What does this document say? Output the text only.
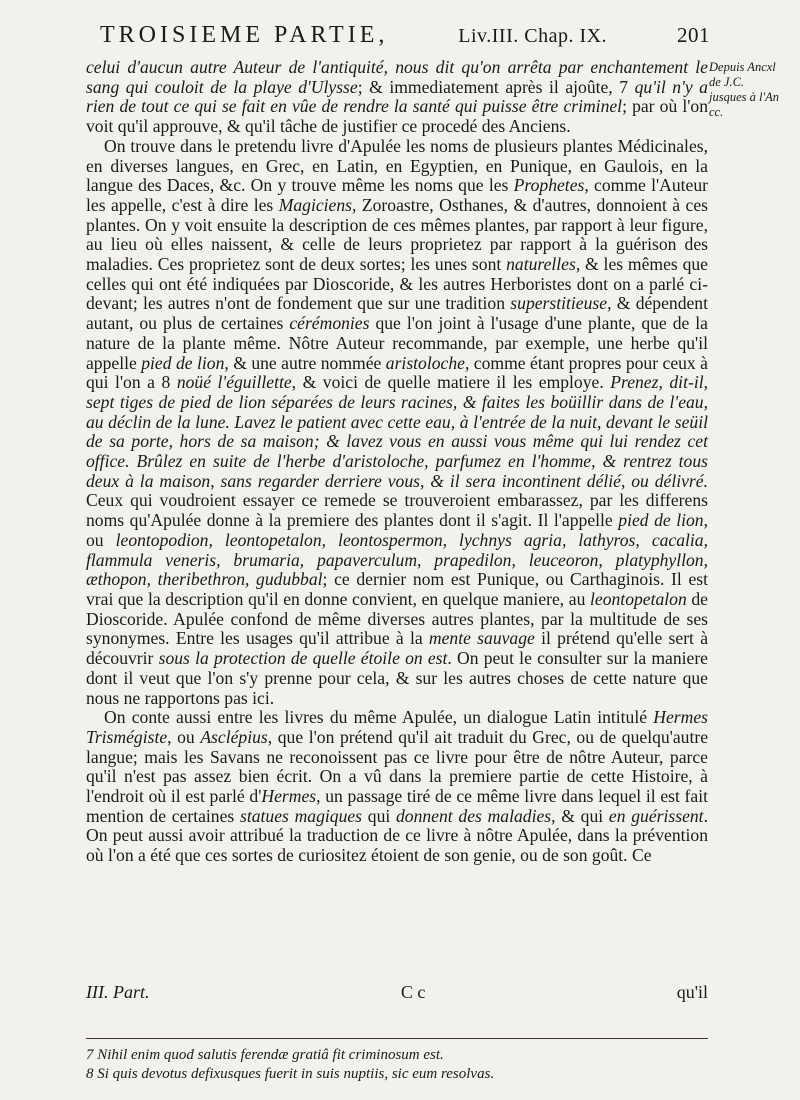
TROISIEME PARTIE,	Liv.III. Chap. IX.	201
Depuis Ancxl de J.C. jusques à l'An cc.

celui d'aucun autre Auteur de l'antiquité, nous dit qu'on arrêta par enchantement le sang qui couloit de la playe d'Ulysse; & immediatement après il ajoûte, 7 qu'il n'y a rien de tout ce qui se fait en vûe de rendre la santé qui puisse être criminel; par où l'on voit qu'il approuve, & qu'il tâche de justifier ce procedé des Anciens.

On trouve dans le pretendu livre d'Apulée les noms de plusieurs plantes Médicinales, en diverses langues, en Grec, en Latin, en Egyptien, en Punique, en Gaulois, en la langue des Daces, &c. On y trouve même les noms que les Prophetes, comme l'Auteur les appelle, c'est à dire les Magiciens, Zoroastre, Osthanes, & d'autres, donnoient à ces plantes. On y voit ensuite la description de ces mêmes plantes, par rapport à leur figure, au lieu où elles naissent, & celle de leurs proprietez par rapport à la guérison des maladies. Ces proprietez sont de deux sortes; les unes sont naturelles, & les mêmes que celles qui ont été indiquées par Dioscoride, & les autres Herboristes dont on a parlé ci-devant; les autres n'ont de fondement que sur une tradition superstitieuse, & dépendent autant, ou plus de certaines cérémonies que l'on joint à l'usage d'une plante, que de la nature de la plante même. Nôtre Auteur recommande, par exemple, une herbe qu'il appelle pied de lion, & une autre nommée aristoloche, comme étant propres pour ceux à qui l'on a 8 noüé l'éguillette, & voici de quelle matiere il les employe. Prenez, dit-il, sept tiges de pied de lion séparées de leurs racines, & faites les boüillir dans de l'eau, au déclin de la lune. Lavez le patient avec cette eau, à l'entrée de la nuit, devant le seüil de sa porte, hors de sa maison; & lavez vous en aussi vous même qui lui rendez cet office. Brûlez en suite de l'herbe d'aristoloche, parfumez en l'homme, & rentrez tous deux à la maison, sans regarder derriere vous, & il sera incontinent délié, ou délivré. Ceux qui voudroient essayer ce remede se trouveroient embarassez, par les differens noms qu'Apulée donne à la premiere des plantes dont il s'agit. Il l'appelle pied de lion, ou leontopodion, leontopetalon, leontospermon, lychnys agria, lathyros, cacalia, flammula veneris, brumaria, papaverculum, prapedilon, leuceoron, platyphyllon, æthopon, theribethron, gudubbal; ce dernier nom est Punique, ou Carthaginois. Il est vrai que la description qu'il en donne convient, en quelque maniere, au leontopetalon de Dioscoride. Apulée confond de même diverses autres plantes, par la multitude de ses synonymes. Entre les usages qu'il attribue à la mente sauvage il prétend qu'elle sert à découvrir sous la protection de quelle étoile on est. On peut le consulter sur la maniere dont il veut que l'on s'y prenne pour cela, & sur les autres choses de cette nature que nous ne rapportons pas ici.

On conte aussi entre les livres du même Apulée, un dialogue Latin intitulé Hermes Trismégiste, ou Asclépius, que l'on prétend qu'il ait traduit du Grec, ou de quelqu'autre langue; mais les Savans ne reconoissent pas ce livre pour être de nôtre Auteur, parce qu'il n'est pas assez bien écrit. On a vû dans la premiere partie de cette Histoire, à l'endroit où il est parlé d'Hermes, un passage tiré de ce même livre dans lequel il est fait mention de certaines statues magiques qui donnent des maladies, & qui en guérissent. On peut aussi avoir attribué la traduction de ce livre à nôtre Apulée, dans la prévention où l'on a été que ces sortes de curiositez étoient de son genie, ou de son goût. Ce

III. Part.	C c	qu'il
7 Nihil enim quod salutis ferendæ gratiâ fit criminosum est.
8 Si quis devotus defixusques fuerit in suis nuptiis, sic eum resolvas.
